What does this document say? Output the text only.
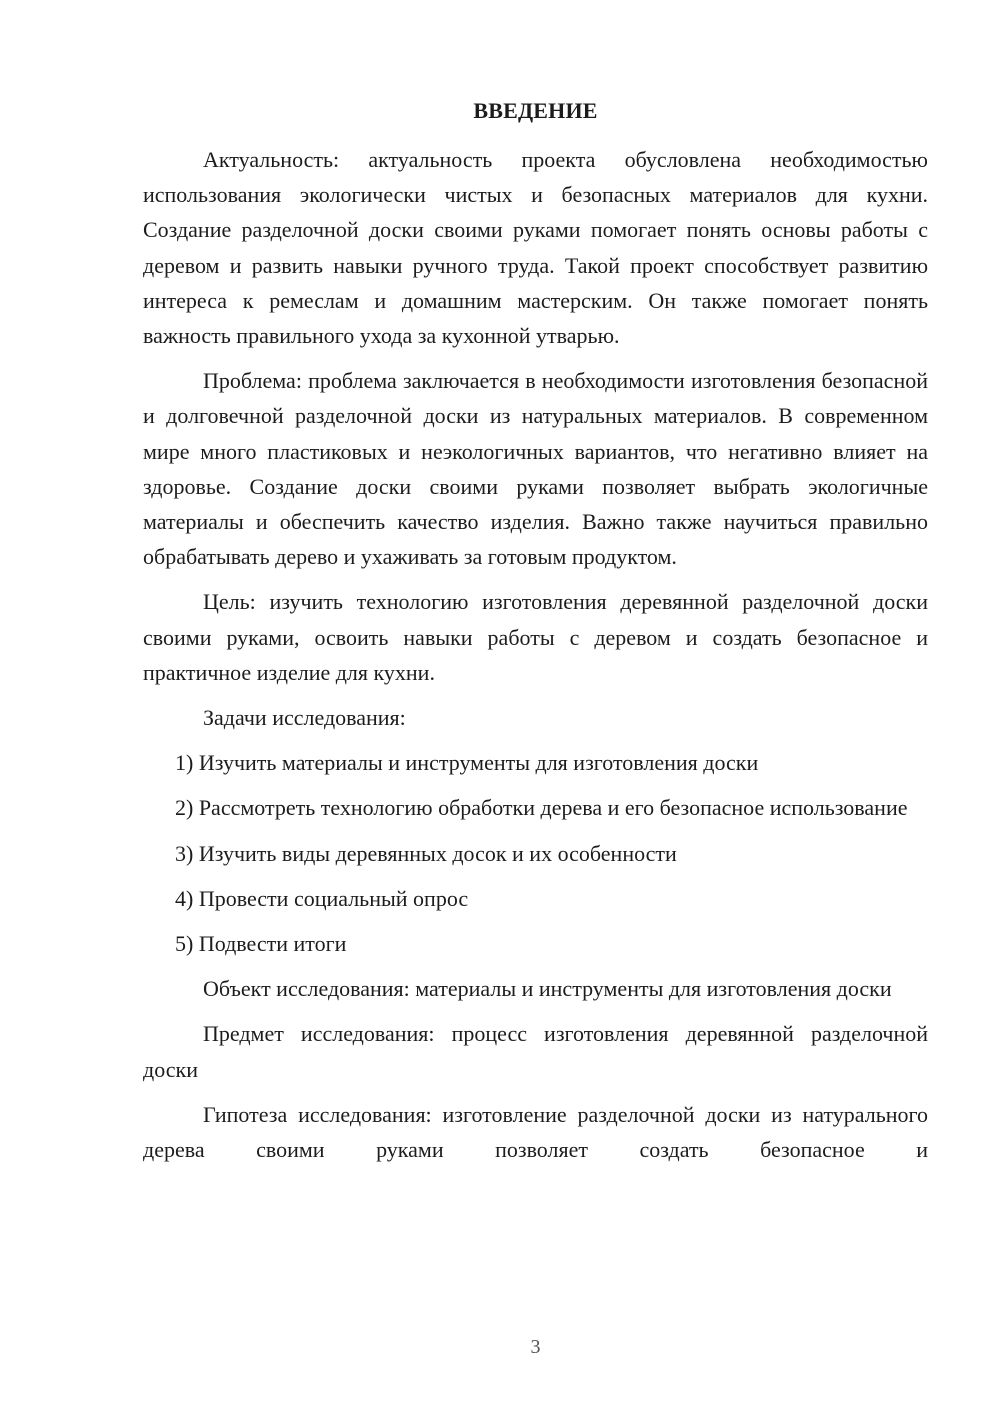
ВВЕДЕНИЕ

Актуальность: актуальность проекта обусловлена необходимостью использования экологически чистых и безопасных материалов для кухни. Создание разделочной доски своими руками помогает понять основы работы с деревом и развить навыки ручного труда. Такой проект способствует развитию интереса к ремеслам и домашним мастерским. Он также помогает понять важность правильного ухода за кухонной утварью.

Проблема: проблема заключается в необходимости изготовления безопасной и долговечной разделочной доски из натуральных материалов. В современном мире много пластиковых и неэкологичных вариантов, что негативно влияет на здоровье. Создание доски своими руками позволяет выбрать экологичные материалы и обеспечить качество изделия. Важно также научиться правильно обрабатывать дерево и ухаживать за готовым продуктом.

Цель: изучить технологию изготовления деревянной разделочной доски своими руками, освоить навыки работы с деревом и создать безопасное и практичное изделие для кухни.

Задачи исследования:

1) Изучить материалы и инструменты для изготовления доски

2) Рассмотреть технологию обработки дерева и его безопасное использование

3) Изучить виды деревянных досок и их особенности

4) Провести социальный опрос

5) Подвести итоги

Объект исследования: материалы и инструменты для изготовления доски

Предмет исследования: процесс изготовления деревянной разделочной доски

Гипотеза исследования: изготовление разделочной доски из натурального дерева своими руками позволяет создать безопасное и

3
